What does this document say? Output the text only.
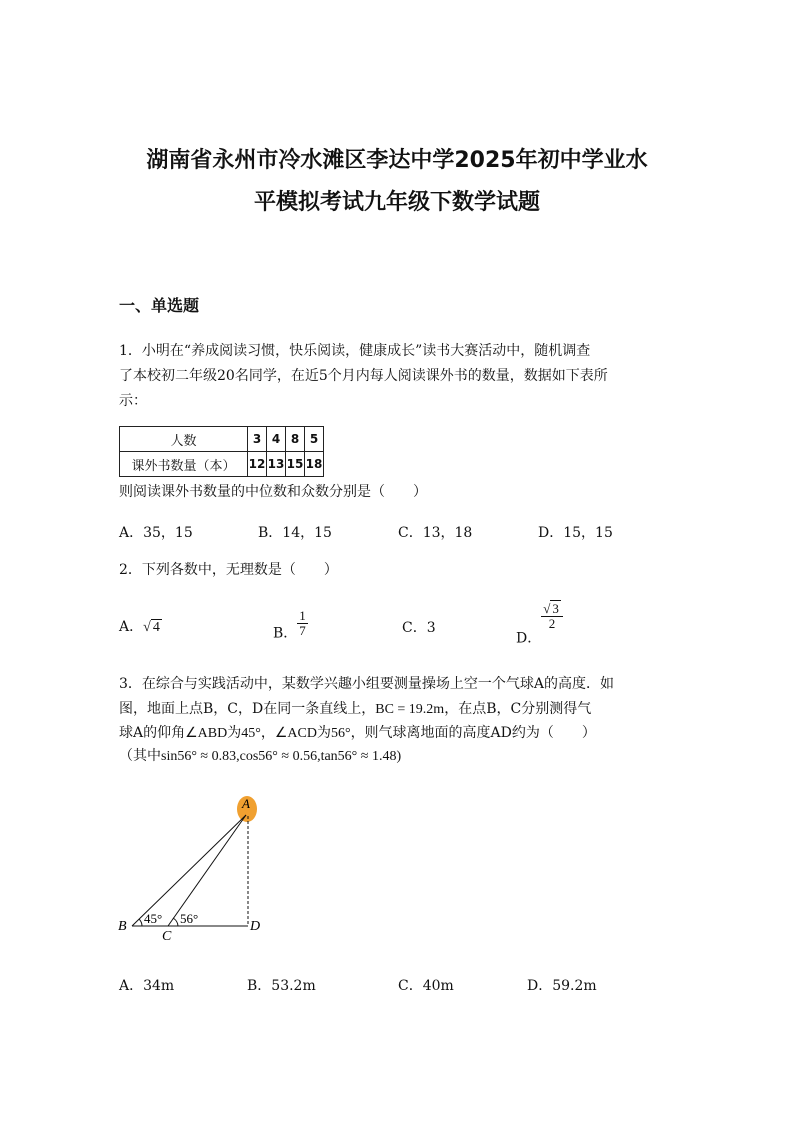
湖南省永州市冷水滩区李达中学2025年初中学业水
平模拟考试九年级下数学试题
一、单选题
1．小明在“养成阅读习惯，快乐阅读，健康成长”读书大赛活动中，随机调查
了本校初二年级20名同学，在近5个月内每人阅读课外书的数量，数据如下表所
示：
人数	3	4	8	5
课外书数量（本）	12	13	15	18
则阅读课外书数量的中位数和众数分别是（　　）
A．35，15	B．14，15	C．13，18	D．15，15
2．下列各数中，无理数是（　　）
A．√ 4	B． $\frac{1}{7}$	C．3
D．
$\frac{√ 3}{2}$
3．在综合与实践活动中，某数学兴趣小组要测量操场上空一个气球A的高度．如
图，地面上点B，C，D在同一条直线上，BC = 19.2m，在点B，C分别测得气
球A的仰角∠ABD为45°，∠ACD为56°，则气球离地面的高度AD约为（　　）
（其中sin56° ≈ 0.83,cos56° ≈ 0.56,tan56° ≈ 1.48)
A
B
C
D
45° 56°
A．34m	B．53.2m	C．40m	D．59.2m
